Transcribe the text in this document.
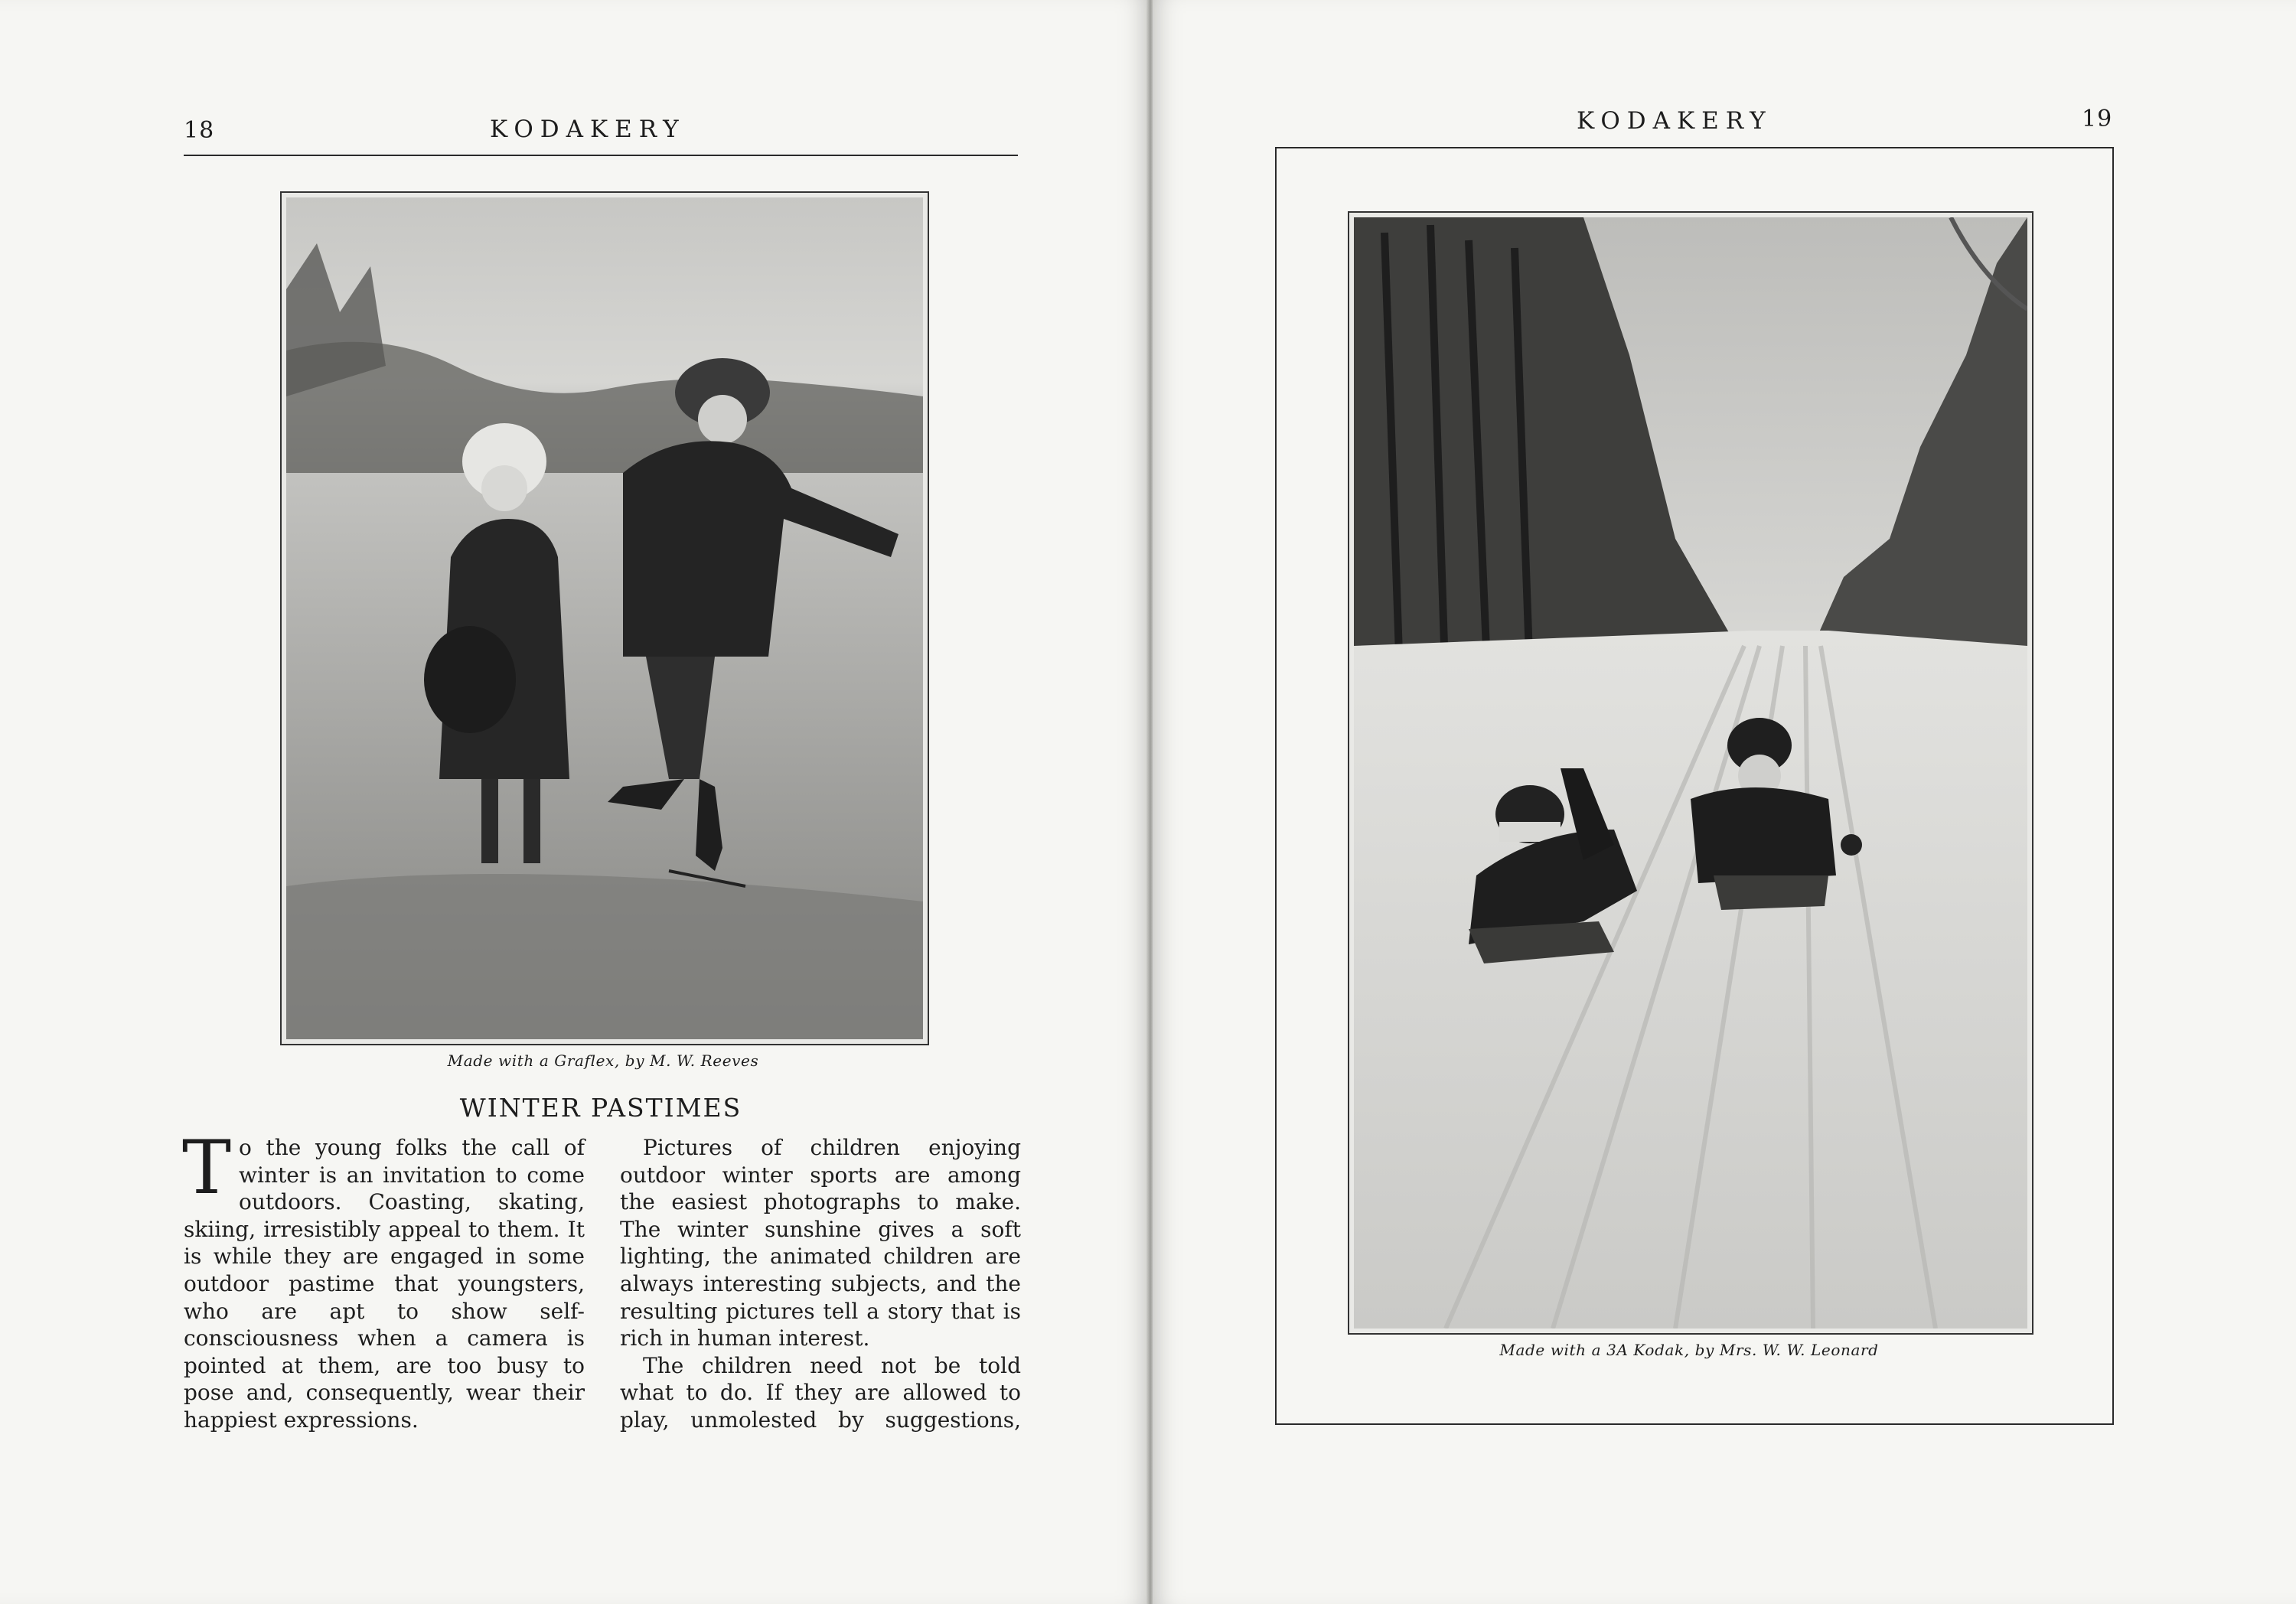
18	KODAKERY
Made with a Graflex, by M. W. Reeves
WINTER PASTIMES

To the young folks the call of winter is an invitation to come outdoors. Coasting, skating, skiing, irresistibly appeal to them. It is while they are engaged in some outdoor pastime that youngsters, who are apt to show self-consciousness when a camera is pointed at them, are too busy to pose and, consequently, wear their happiest expressions.

Pictures of children enjoying outdoor winter sports are among the easiest photographs to make. The winter sunshine gives a soft lighting, the animated children are always interesting subjects, and the resulting pictures tell a story that is rich in human interest.

The children need not be told what to do. If they are allowed to play, unmolested by suggestions,

KODAKERY	19
Made with a 3A Kodak, by Mrs. W. W. Leonard
